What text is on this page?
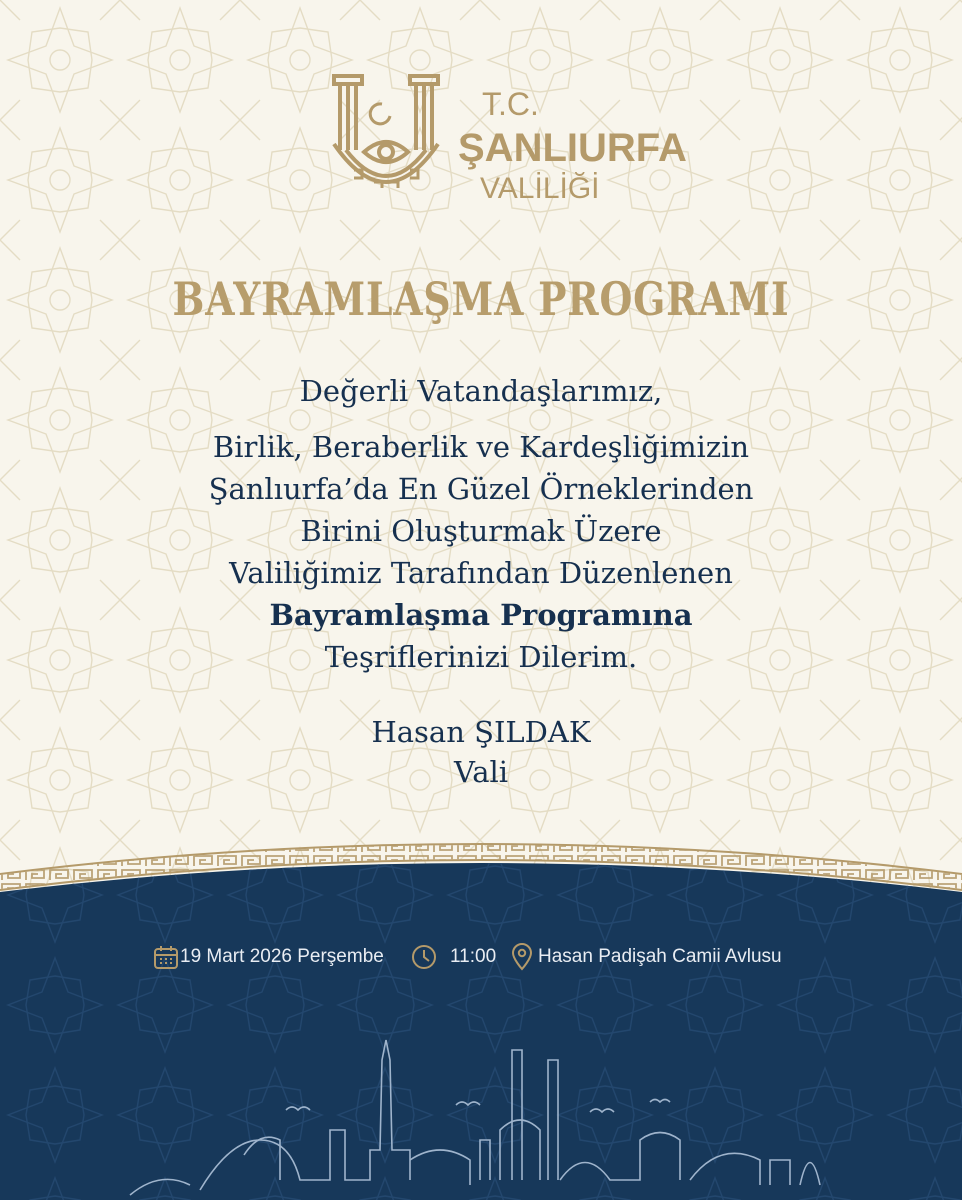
T.C.
ŞANLIURFA
VALİLİĞİ
BAYRAMLAŞMA PROGRAMI
Değerli Vatandaşlarımız,
Birlik, Beraberlik ve Kardeşliğimizin
Şanlıurfa’da En Güzel Örneklerinden
Birini Oluşturmak Üzere
Valiliğimiz Tarafından Düzenlenen
Bayramlaşma Programına
Teşriflerinizi Dilerim.
Hasan ŞILDAK
Vali
19 Mart 2026 Perşembe	11:00 Hasan Padişah Camii Avlusu
